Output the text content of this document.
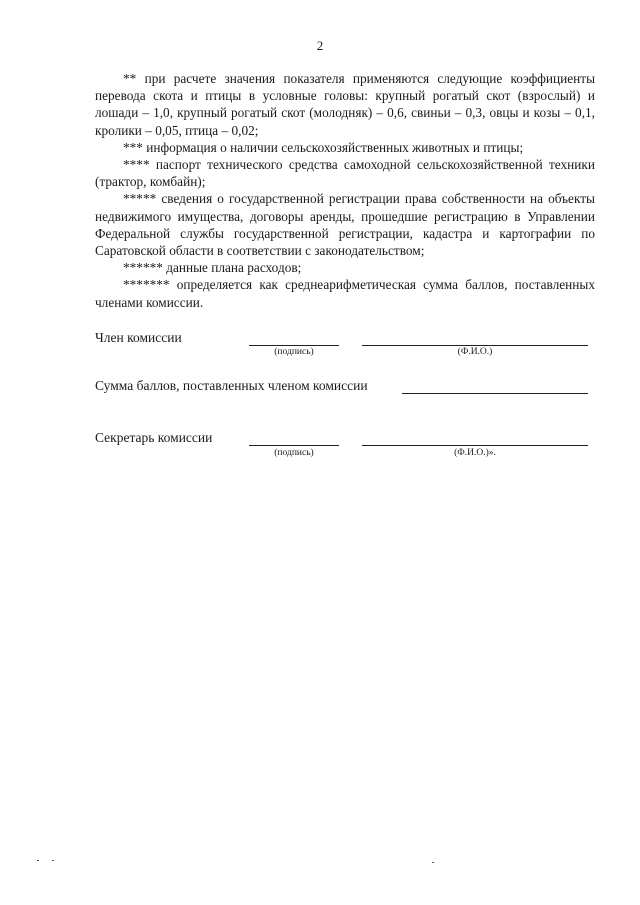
2

** при расчете значения показателя применяются следующие коэффициенты перевода скота и птицы в условные головы: крупный рогатый скот (взрослый) и лошади – 1,0, крупный рогатый скот (молодняк) – 0,6, свиньи – 0,3, овцы и козы – 0,1, кролики – 0,05, птица – 0,02;

*** информация о наличии сельскохозяйственных животных и птицы;

**** паспорт технического средства самоходной сельскохозяйственной техники (трактор, комбайн);

***** сведения о государственной регистрации права собственности на объекты недвижимого имущества, договоры аренды, прошедшие регистрацию в Управлении Федеральной службы государственной регистрации, кадастра и картографии по Саратовской области в соответствии с законодательством;

****** данные плана расходов;

******* определяется как среднеарифметическая сумма баллов, поставленных членами комиссии.

Член комиссии
(подпись)	(Ф.И.О.)
Сумма баллов, поставленных членом комиссии
Секретарь комиссии
(подпись)	(Ф.И.О.)».
